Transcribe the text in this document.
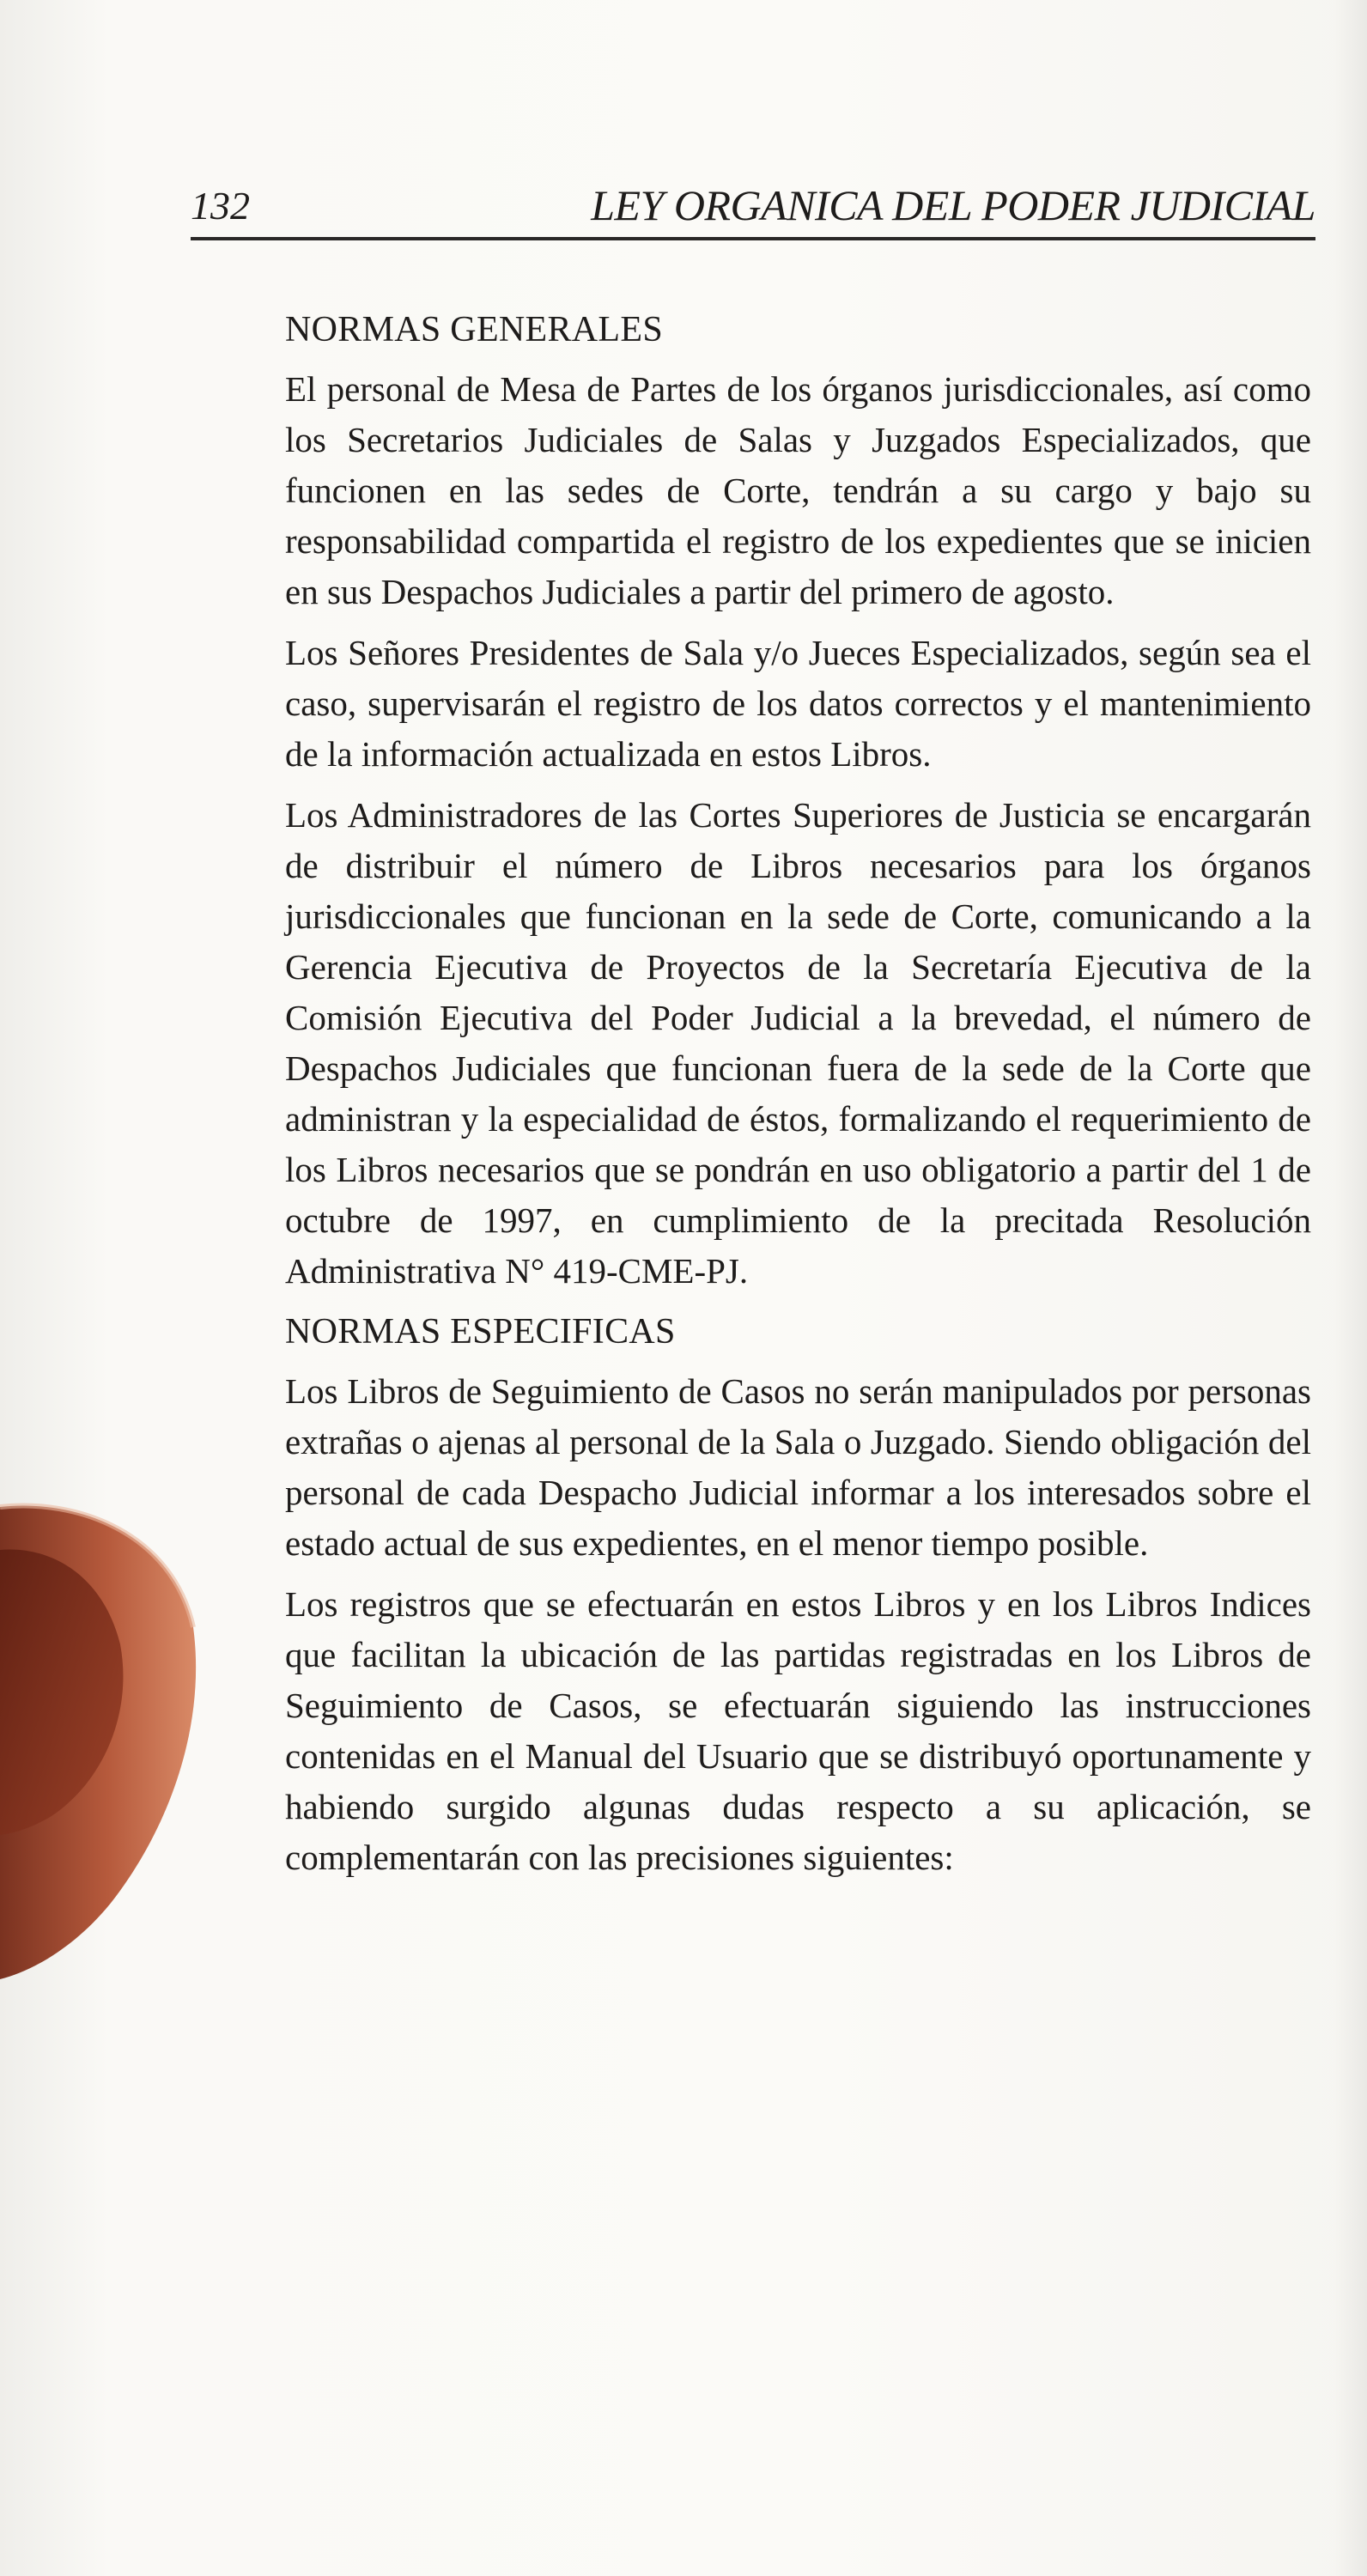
132	LEY ORGANICA DEL PODER JUDICIAL
NORMAS GENERALES

El personal de Mesa de Partes de los órganos jurisdiccionales, así como los Secretarios Judiciales de Salas y Juzgados Especializados, que funcionen en las sedes de Corte, tendrán a su cargo y bajo su responsabilidad compartida el registro de los expedientes que se inicien en sus Despachos Judiciales a partir del primero de agosto.

Los Señores Presidentes de Sala y/o Jueces Especializados, según sea el caso, supervisarán el registro de los datos correctos y el mantenimiento de la información actualizada en estos Libros.

Los Administradores de las Cortes Superiores de Justicia se encargarán de distribuir el número de Libros necesarios para los órganos jurisdiccionales que funcionan en la sede de Corte, comunicando a la Gerencia Ejecutiva de Proyectos de la Secretaría Ejecutiva de la Comisión Ejecutiva del Poder Judicial a la brevedad, el número de Despachos Judiciales que funcionan fuera de la sede de la Corte que administran y la especialidad de éstos, formalizando el requerimiento de los Libros necesarios que se pondrán en uso obligatorio a partir del 1 de octubre de 1997, en cumplimiento de la precitada Resolución Administrativa N° 419-CME-PJ.

NORMAS ESPECIFICAS

Los Libros de Seguimiento de Casos no serán manipulados por personas extrañas o ajenas al personal de la Sala o Juzgado. Siendo obligación del personal de cada Despacho Judicial informar a los interesados sobre el estado actual de sus expedientes, en el menor tiempo posible.

Los registros que se efectuarán en estos Libros y en los Libros Indices que facilitan la ubicación de las partidas registradas en los Libros de Seguimiento de Casos, se efectuarán siguiendo las instrucciones contenidas en el Manual del Usuario que se distribuyó oportunamente y habiendo surgido algunas dudas respecto a su aplicación, se complementarán con las precisiones siguientes:
